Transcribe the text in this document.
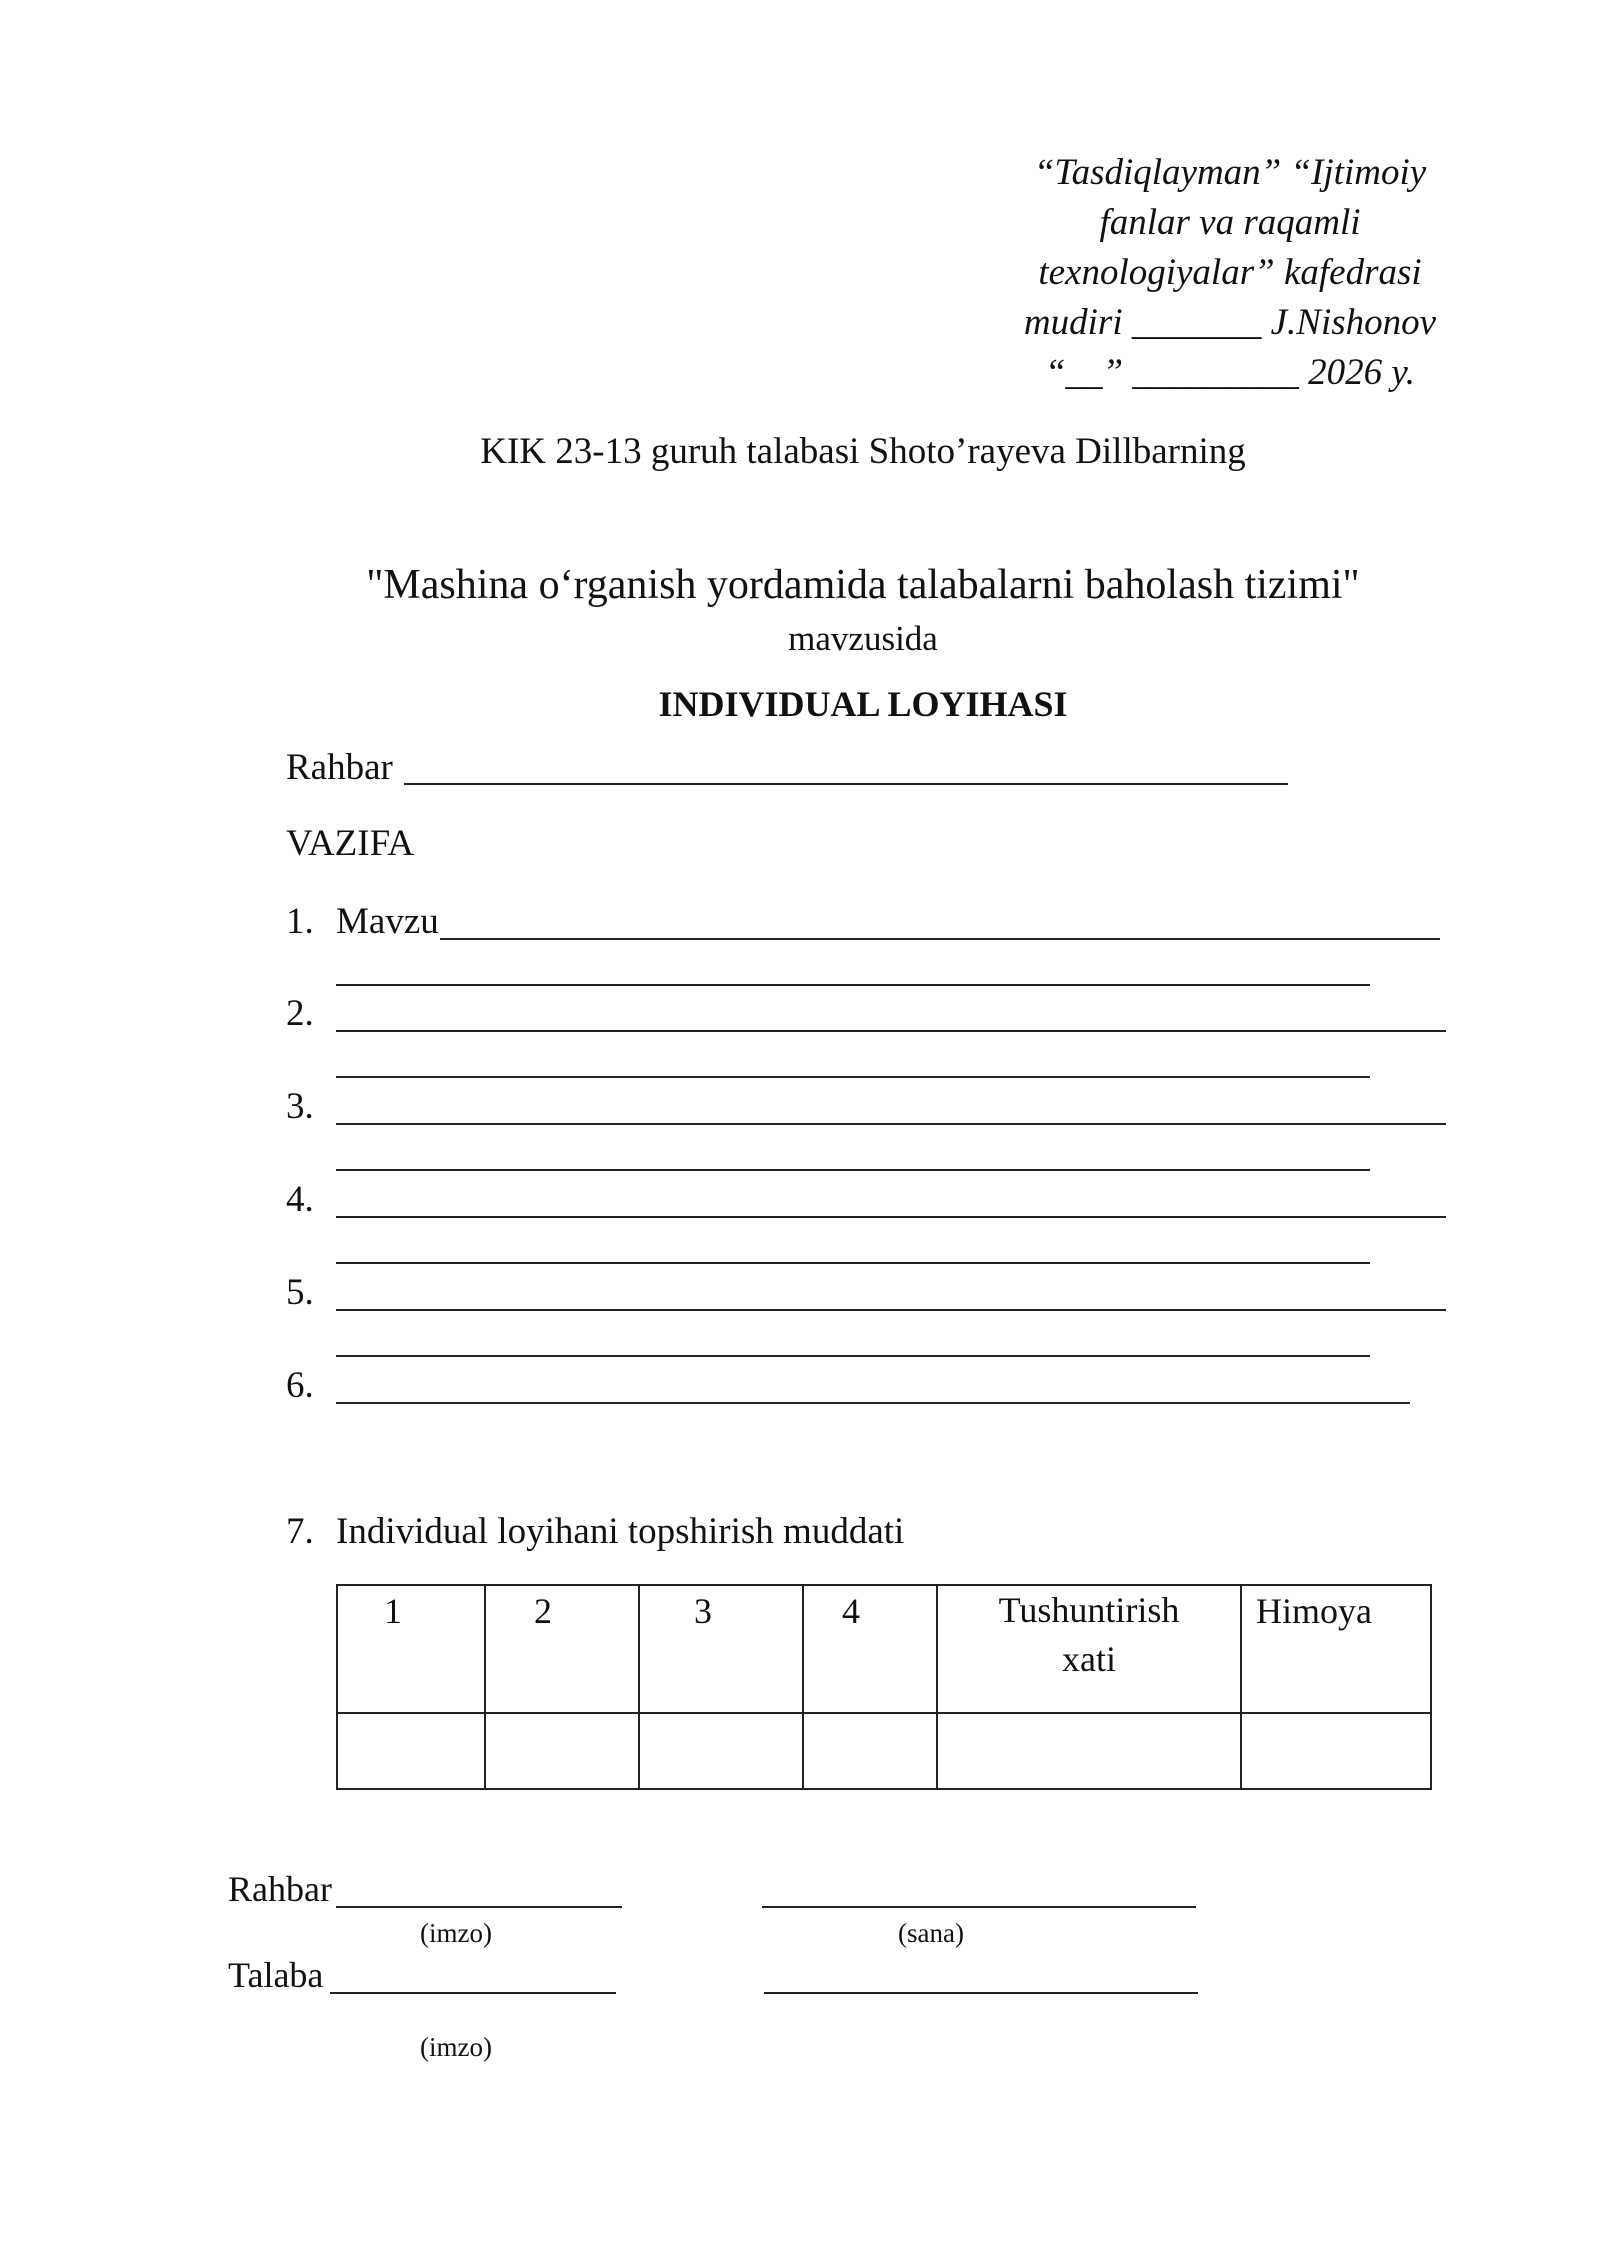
“Tasdiqlayman” “Ijtimoiy
fanlar va raqamli
texnologiyalar” kafedrasi
mudiri _______ J.Nishonov
“__” _________ 2026 y.
KIK 23-13 guruh talabasi Shoto’rayeva Dillbarning
"Mashina oʻrganish yordamida talabalarni baholash tizimi"
mavzusida
INDIVIDUAL LOYIHASI
Rahbar
VAZIFA
1. Mavzu
2.
3.
4.
5.
6.
7. Individual loyihani topshirish muddati
1	2	3	4	Tushuntirish xati	Himoya

Rahbar
(imzo)	(sana)
Talaba
(imzo)
